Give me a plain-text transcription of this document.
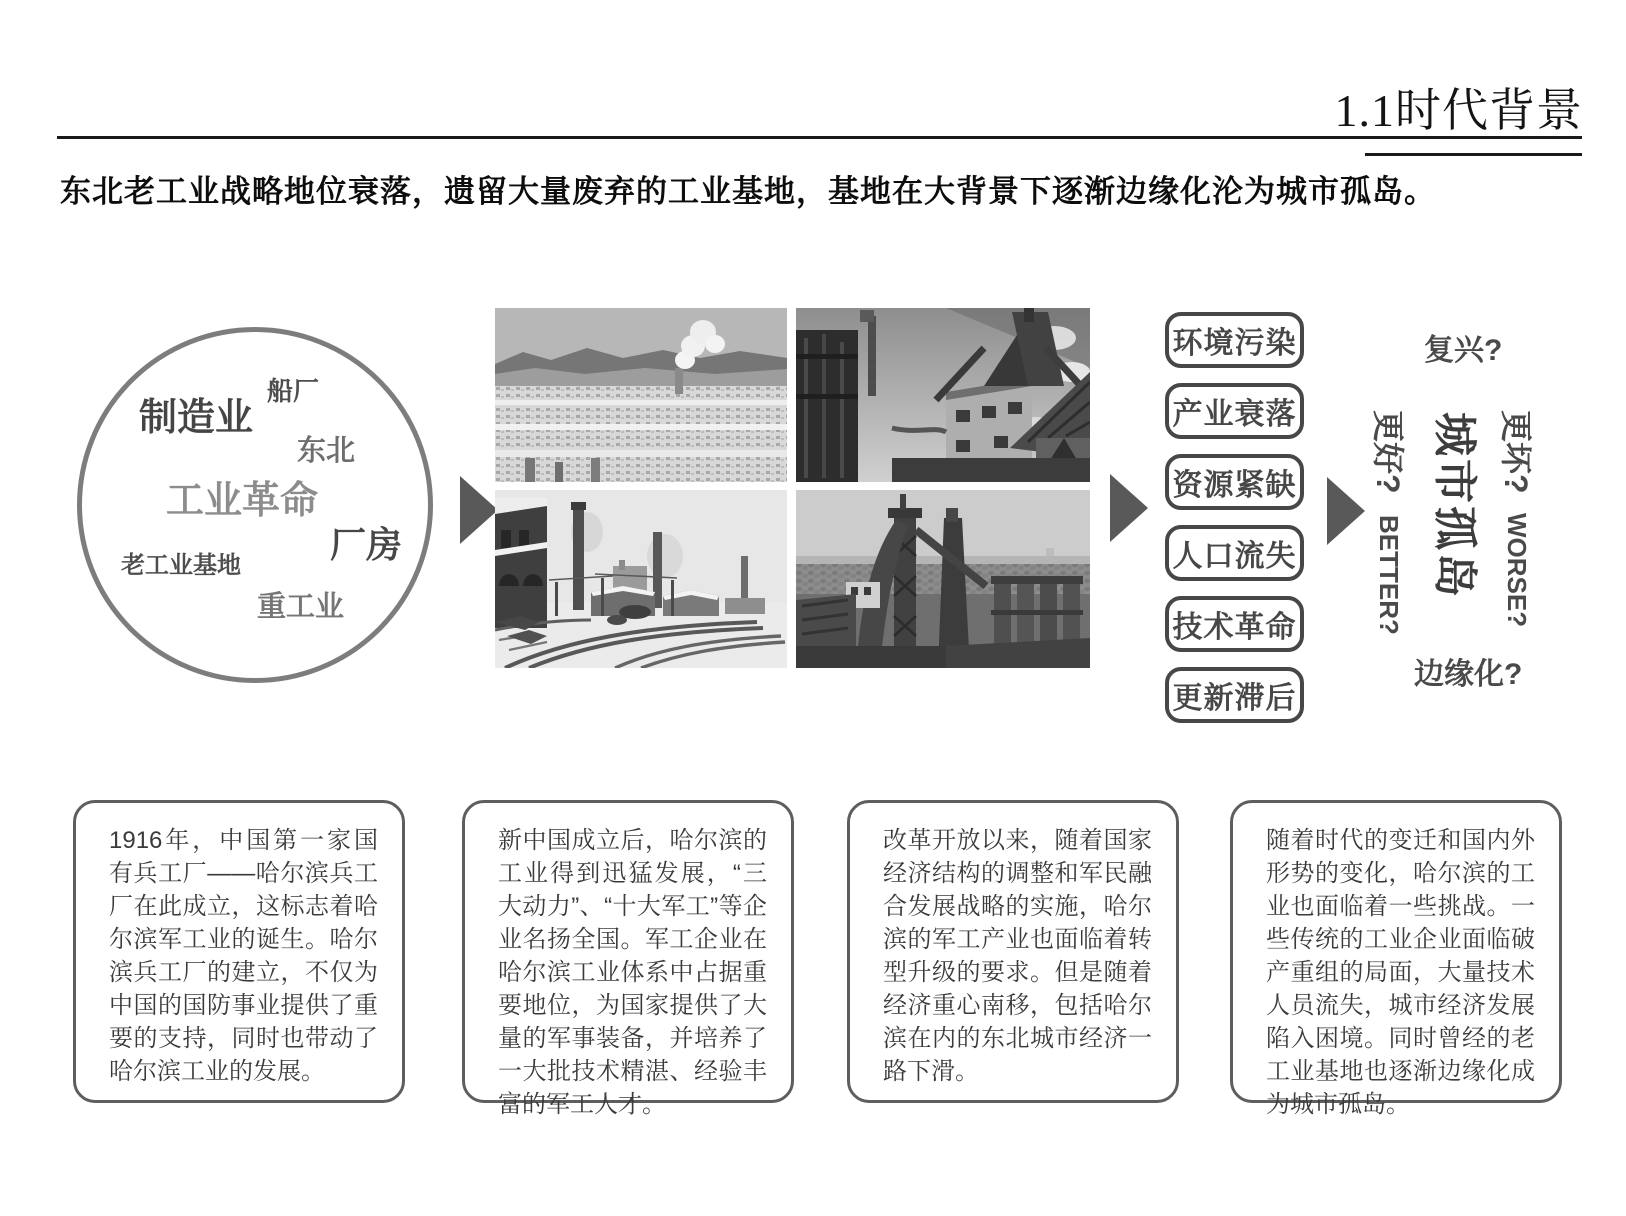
1.1时代背景
东北老工业战略地位衰落，遗留大量废弃的工业基地，基地在大背景下逐渐边缘化沦为城市孤岛。
船厂
制造业
东北
工业革命
厂房
老工业基地
重工业
环境污染
产业衰落
资源紧缺
人口流失
技术革命
更新滞后
复兴?
更好? 城市孤岛 更坏?
BETTER?	WORSE?
边缘化?
1916年，中国第一家国有兵工厂——哈尔滨兵工厂在此成立，这标志着哈尔滨军工业的诞生。哈尔滨兵工厂的建立，不仅为中国的国防事业提供了重要的支持，同时也带动了哈尔滨工业的发展。
新中国成立后，哈尔滨的工业得到迅猛发展，“三大动力”、“十大军工”等企业名扬全国。军工企业在哈尔滨工业体系中占据重要地位，为国家提供了大量的军事装备，并培养了一大批技术精湛、经验丰富的军工人才。
改革开放以来，随着国家经济结构的调整和军民融合发展战略的实施，哈尔滨的军工产业也面临着转型升级的要求。但是随着经济重心南移，包括哈尔滨在内的东北城市经济一路下滑。
随着时代的变迁和国内外形势的变化，哈尔滨的工业也面临着一些挑战。一些传统的工业企业面临破产重组的局面，大量技术人员流失，城市经济发展陷入困境。同时曾经的老工业基地也逐渐边缘化成为城市孤岛。
